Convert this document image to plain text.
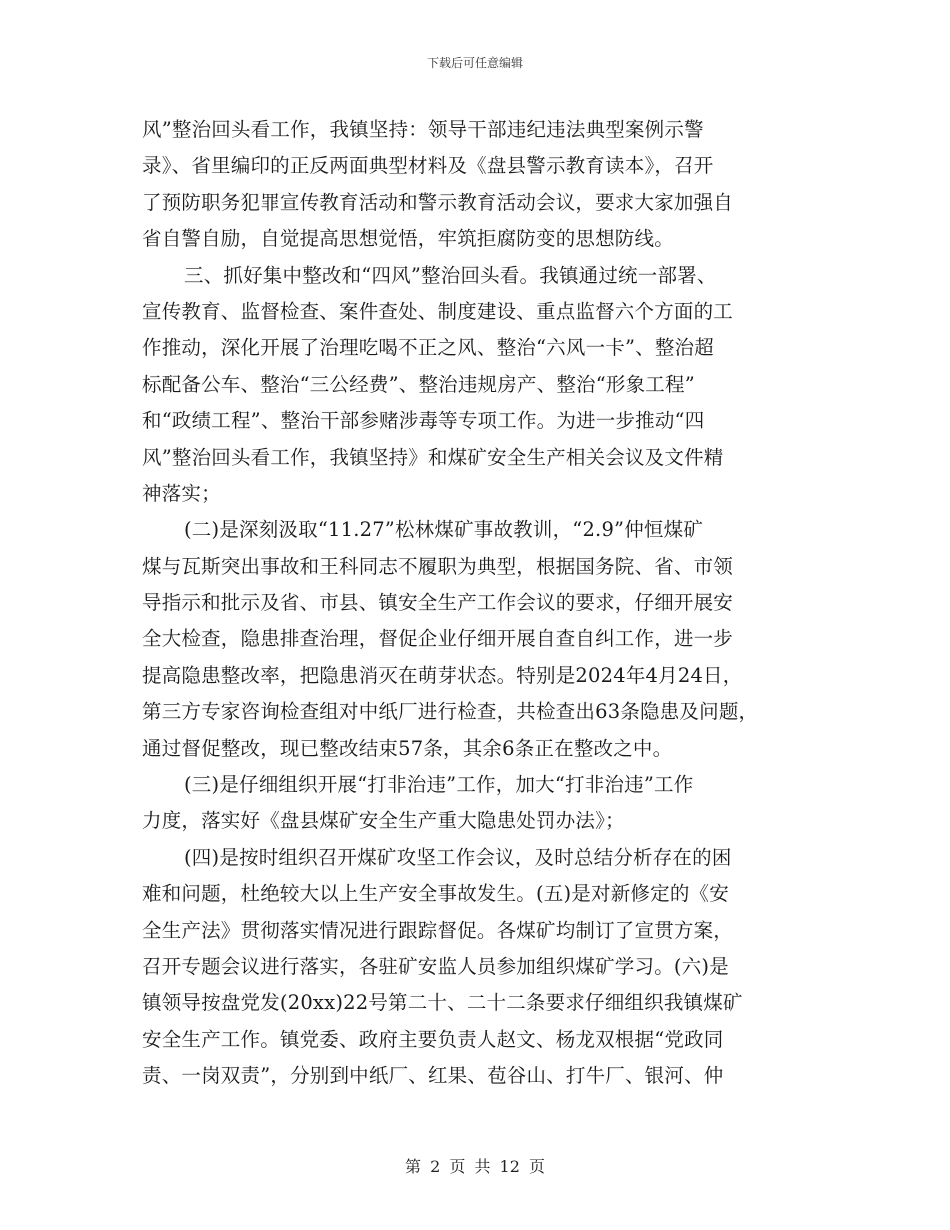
下载后可任意编辑
风”整治回头看工作，我镇坚持：领导干部违纪违法典型案例示警
录》、省里编印的正反两面典型材料及《盘县警示教育读本》，召开
了预防职务犯罪宣传教育活动和警示教育活动会议，要求大家加强自
省自警自励，自觉提高思想觉悟，牢筑拒腐防变的思想防线。
三、抓好集中整改和“四风”整治回头看。我镇通过统一部署、
宣传教育、监督检查、案件查处、制度建设、重点监督六个方面的工
作推动，深化开展了治理吃喝不正之风、整治“六风一卡”、整治超
标配备公车、整治“三公经费”、整治违规房产、整治“形象工程”
和“政绩工程”、整治干部参赌涉毒等专项工作。为进一步推动“四
风”整治回头看工作，我镇坚持》和煤矿安全生产相关会议及文件精
神落实；
(二)是深刻汲取“11.27”松林煤矿事故教训，“2.9”仲恒煤矿
煤与瓦斯突出事故和王科同志不履职为典型，根据国务院、省、市领
导指示和批示及省、市县、镇安全生产工作会议的要求，仔细开展安
全大检查，隐患排查治理，督促企业仔细开展自查自纠工作，进一步
提高隐患整改率，把隐患消灭在萌芽状态。特别是2024年4月24日，
第三方专家咨询检查组对中纸厂进行检查，共检查出63条隐患及问题，
通过督促整改，现已整改结束57条，其余6条正在整改之中。
(三)是仔细组织开展“打非治违”工作，加大“打非治违”工作
力度，落实好《盘县煤矿安全生产重大隐患处罚办法》；
(四)是按时组织召开煤矿攻坚工作会议，及时总结分析存在的困
难和问题，杜绝较大以上生产安全事故发生。(五)是对新修定的《安
全生产法》贯彻落实情况进行跟踪督促。各煤矿均制订了宣贯方案，
召开专题会议进行落实，各驻矿安监人员参加组织煤矿学习。(六)是
镇领导按盘党发(20xx)22号第二十、二十二条要求仔细组织我镇煤矿
安全生产工作。镇党委、政府主要负责人赵文、杨龙双根据“党政同
责、一岗双责”，分别到中纸厂、红果、苞谷山、打牛厂、银河、仲
第 2 页 共 12 页
